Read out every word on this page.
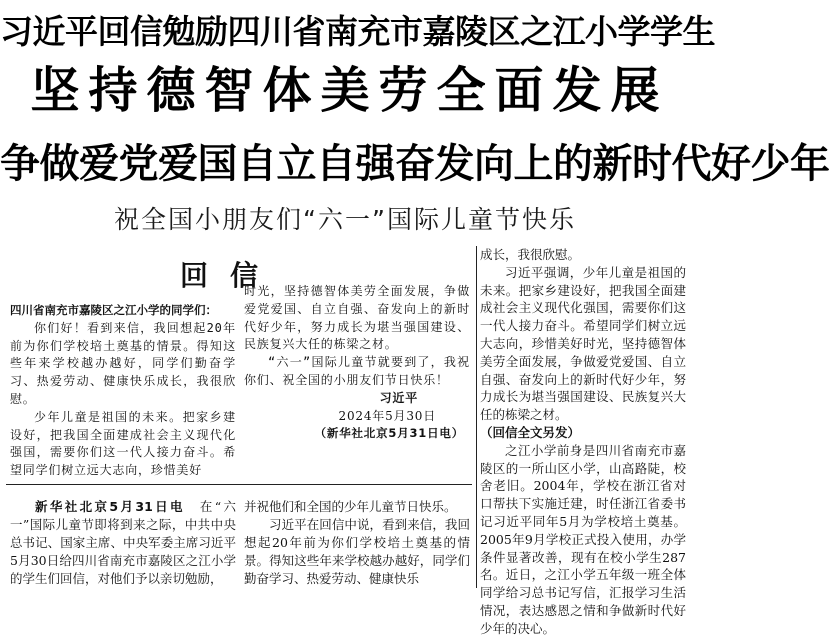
习近平回信勉励四川省南充市嘉陵区之江小学学生
坚持德智体美劳全面发展
争做爱党爱国自立自强奋发向上的新时代好少年
祝全国小朋友们“六一”国际儿童节快乐
回信

四川省南充市嘉陵区之江小学的同学们：

你们好！看到来信，我回想起20年前为你们学校培土奠基的情景。得知这些年来学校越办越好，同学们勤奋学习、热爱劳动、健康快乐成长，我很欣慰。

少年儿童是祖国的未来。把家乡建设好，把我国全面建成社会主义现代化强国，需要你们这一代人接力奋斗。希望同学们树立远大志向，珍惜美好

时光，坚持德智体美劳全面发展，争做爱党爱国、自立自强、奋发向上的新时代好少年，努力成长为堪当强国建设、民族复兴大任的栋梁之材。

“六一”国际儿童节就要到了，我祝你们、祝全国的小朋友们节日快乐！

习近平

2024年5月30日

（新华社北京5月31日电）

新华社北京5月31日电　 在“六一”国际儿童节即将到来之际，中共中央总书记、国家主席、中央军委主席习近平5月30日给四川省南充市嘉陵区之江小学的学生们回信，对他们予以亲切勉励，

并祝他们和全国的少年儿童节日快乐。

习近平在回信中说，看到来信，我回想起20年前为你们学校培土奠基的情景。得知这些年来学校越办越好，同学们勤奋学习、热爱劳动、健康快乐

成长，我很欣慰。

习近平强调，少年儿童是祖国的未来。把家乡建设好，把我国全面建成社会主义现代化强国，需要你们这一代人接力奋斗。希望同学们树立远大志向，珍惜美好时光，坚持德智体美劳全面发展，争做爱党爱国、自立自强、奋发向上的新时代好少年，努力成长为堪当强国建设、民族复兴大任的栋梁之材。

（回信全文另发）

之江小学前身是四川省南充市嘉陵区的一所山区小学，山高路陡，校舍老旧。2004年，学校在浙江省对口帮扶下实施迁建，时任浙江省委书记习近平同年5月为学校培土奠基。2005年9月学校正式投入使用，办学条件显著改善，现有在校小学生287名。近日，之江小学五年级一班全体同学给习总书记写信，汇报学习生活情况，表达感恩之情和争做新时代好少年的决心。
